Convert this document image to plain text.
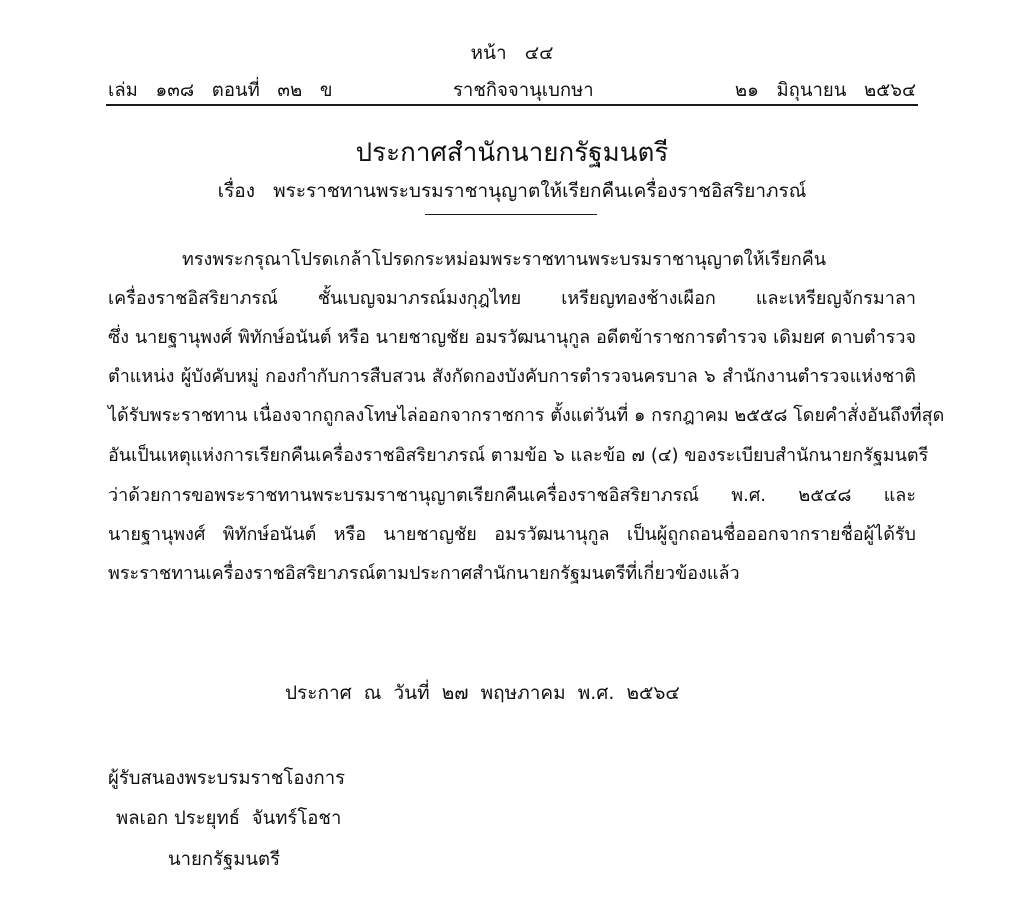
หน้า   ๔๔
เล่ม   ๑๓๘   ตอนที่   ๓๒   ข	ราชกิจจานุเบกษา	๒๑   มิถุนายน   ๒๕๖๔
ประกาศสำนักนายกรัฐมนตรี
เรื่อง   พระราชทานพระบรมราชานุญาตให้เรียกคืนเครื่องราชอิสริยาภรณ์
ทรงพระกรุณาโปรดเกล้าโปรดกระหม่อมพระราชทานพระบรมราชานุญาตให้เรียกคืน
เครื่องราชอิสริยาภรณ์ ชั้นเบญจมาภรณ์มงกุฎไทย เหรียญทองช้างเผือก และเหรียญจักรมาลา
ซึ่ง นายฐานุพงศ์ พิทักษ์อนันต์ หรือ นายชาญชัย อมรวัฒนานุกูล อดีตข้าราชการตำรวจ เดิมยศ ดาบตำรวจ
ตำแหน่ง ผู้บังคับหมู่ กองกำกับการสืบสวน สังกัดกองบังคับการตำรวจนครบาล ๖ สำนักงานตำรวจแห่งชาติ
ได้รับพระราชทาน เนื่องจากถูกลงโทษไล่ออกจากราชการ ตั้งแต่วันที่ ๑ กรกฎาคม ๒๕๕๘ โดยคำสั่งอันถึงที่สุด
อันเป็นเหตุแห่งการเรียกคืนเครื่องราชอิสริยาภรณ์ ตามข้อ ๖ และข้อ ๗ (๔) ของระเบียบสำนักนายกรัฐมนตรี
ว่าด้วยการขอพระราชทานพระบรมราชานุญาตเรียกคืนเครื่องราชอิสริยาภรณ์ พ.ศ. ๒๕๔๘ และ
นายฐานุพงศ์ พิทักษ์อนันต์ หรือ นายชาญชัย อมรวัฒนานุกูล เป็นผู้ถูกถอนชื่อออกจากรายชื่อผู้ได้รับ
พระราชทานเครื่องราชอิสริยาภรณ์ตามประกาศสำนักนายกรัฐมนตรีที่เกี่ยวข้องแล้ว
ประกาศ  ณ  วันที่  ๒๗  พฤษภาคม  พ.ศ.  ๒๕๖๔
ผู้รับสนองพระบรมราชโองการ
พลเอก ประยุทธ์  จันทร์โอชา
นายกรัฐมนตรี
